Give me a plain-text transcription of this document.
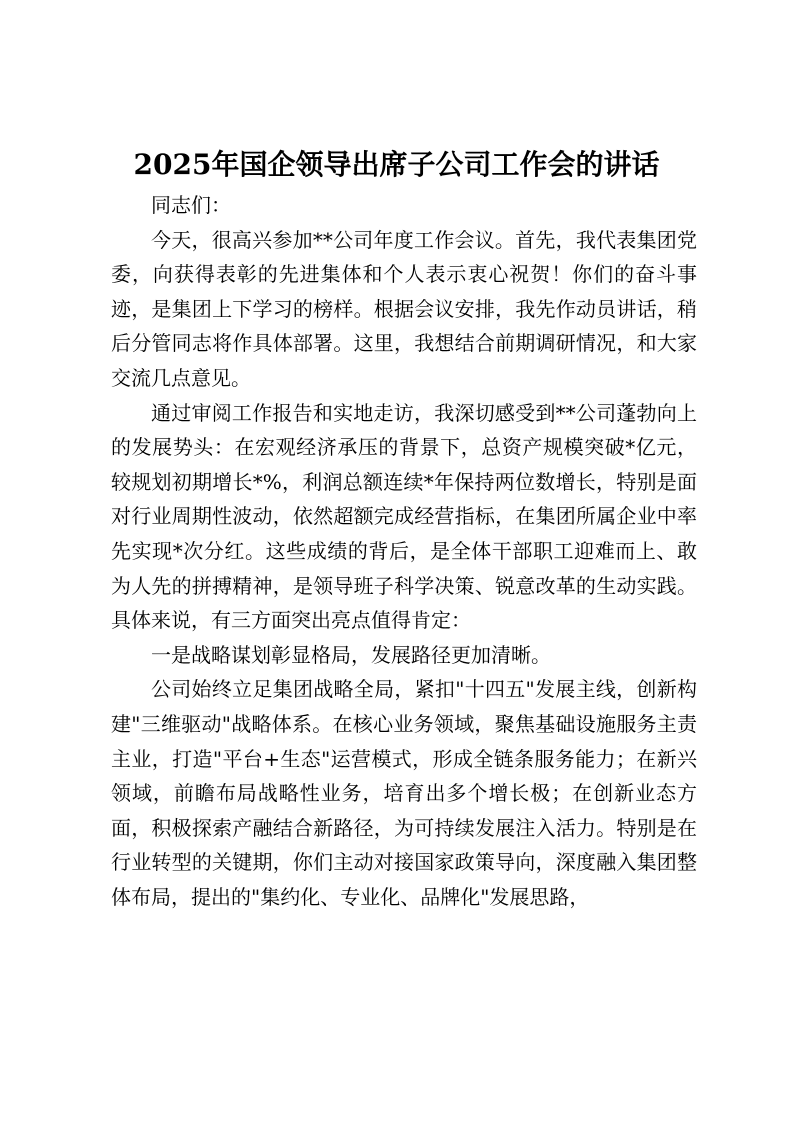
2025年国企领导出席子公司工作会的讲话

同志们：

今天，很高兴参加**公司年度工作会议。首先，我代表集团党委，向获得表彰的先进集体和个人表示衷心祝贺！你们的奋斗事迹，是集团上下学习的榜样。根据会议安排，我先作动员讲话，稍后分管同志将作具体部署。这里，我想结合前期调研情况，和大家交流几点意见。

通过审阅工作报告和实地走访，我深切感受到**公司蓬勃向上的发展势头：在宏观经济承压的背景下，总资产规模突破*亿元，较规划初期增长*%，利润总额连续*年保持两位数增长，特别是面对行业周期性波动，依然超额完成经营指标，在集团所属企业中率先实现*次分红。这些成绩的背后，是全体干部职工迎难而上、敢为人先的拼搏精神，是领导班子科学决策、锐意改革的生动实践。具体来说，有三方面突出亮点值得肯定：

一是战略谋划彰显格局，发展路径更加清晰。

公司始终立足集团战略全局，紧扣"十四五"发展主线，创新构建"三维驱动"战略体系。在核心业务领域，聚焦基础设施服务主责主业，打造"平台+生态"运营模式，形成全链条服务能力；在新兴领域，前瞻布局战略性业务，培育出多个增长极；在创新业态方面，积极探索产融结合新路径，为可持续发展注入活力。特别是在行业转型的关键期，你们主动对接国家政策导向，深度融入集团整体布局，提出的"集约化、专业化、品牌化"发展思路，
